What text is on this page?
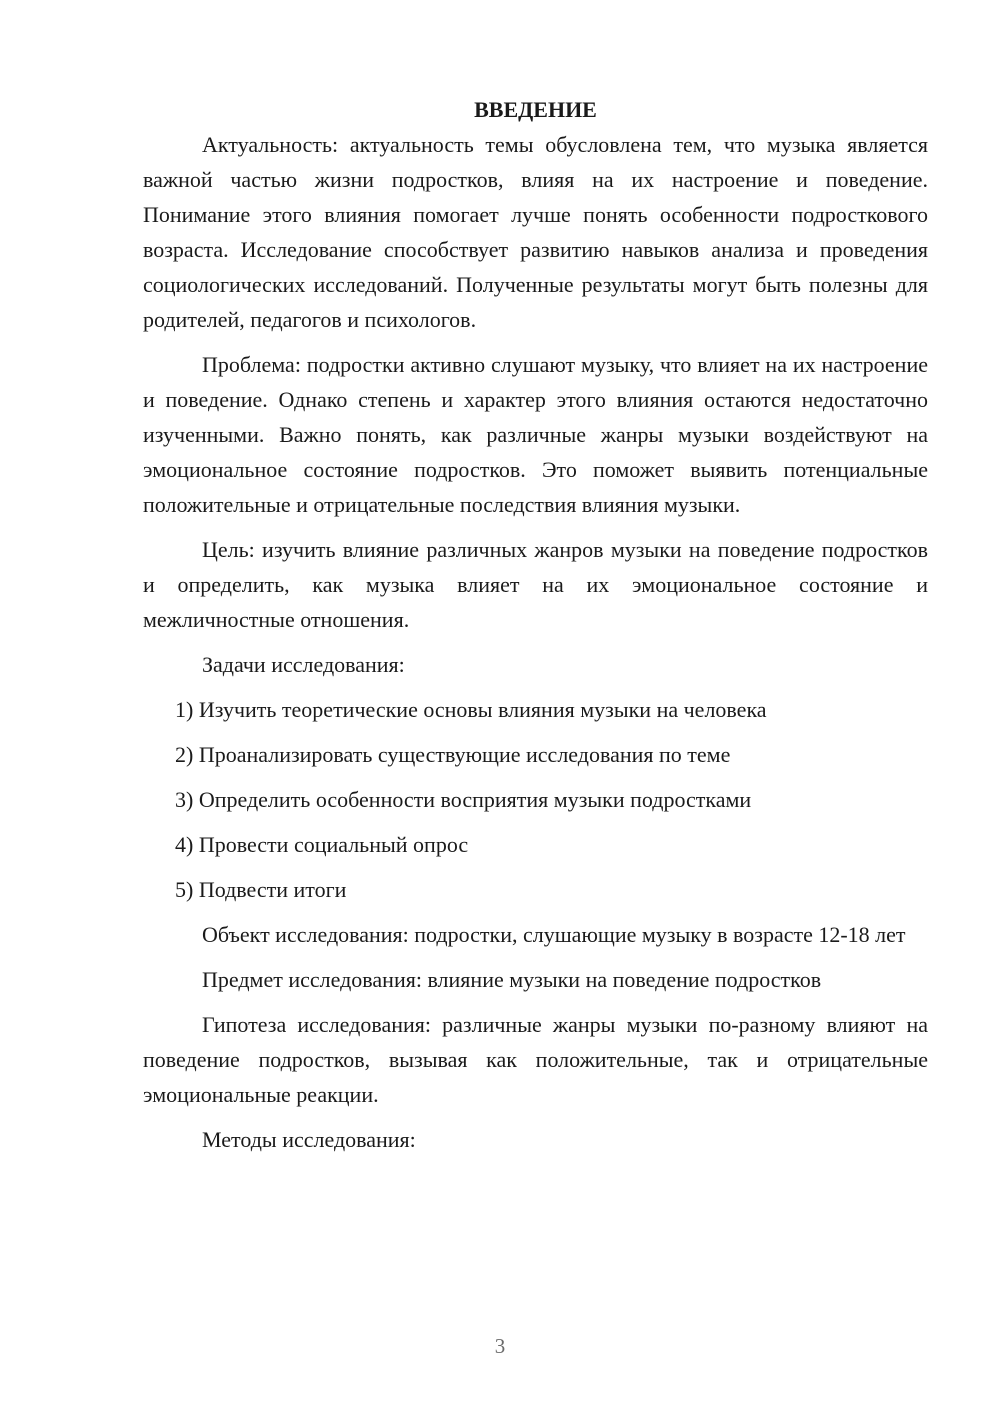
ВВЕДЕНИЕ

Актуальность: актуальность темы обусловлена тем, что музыка является важной частью жизни подростков, влияя на их настроение и поведение. Понимание этого влияния помогает лучше понять особенности подросткового возраста. Исследование способствует развитию навыков анализа и проведения социологических исследований. Полученные результаты могут быть полезны для родителей, педагогов и психологов.

Проблема: подростки активно слушают музыку, что влияет на их настроение и поведение. Однако степень и характер этого влияния остаются недостаточно изученными. Важно понять, как различные жанры музыки воздействуют на эмоциональное состояние подростков. Это поможет выявить потенциальные положительные и отрицательные последствия влияния музыки.

Цель: изучить влияние различных жанров музыки на поведение подростков и определить, как музыка влияет на их эмоциональное состояние и межличностные отношения.

Задачи исследования:

1) Изучить теоретические основы влияния музыки на человека
2) Проанализировать существующие исследования по теме
3) Определить особенности восприятия музыки подростками
4) Провести социальный опрос
5) Подвести итоги

Объект исследования: подростки, слушающие музыку в возрасте 12-18 лет

Предмет исследования: влияние музыки на поведение подростков

Гипотеза исследования: различные жанры музыки по-разному влияют на поведение подростков, вызывая как положительные, так и отрицательные эмоциональные реакции.

Методы исследования:

3
